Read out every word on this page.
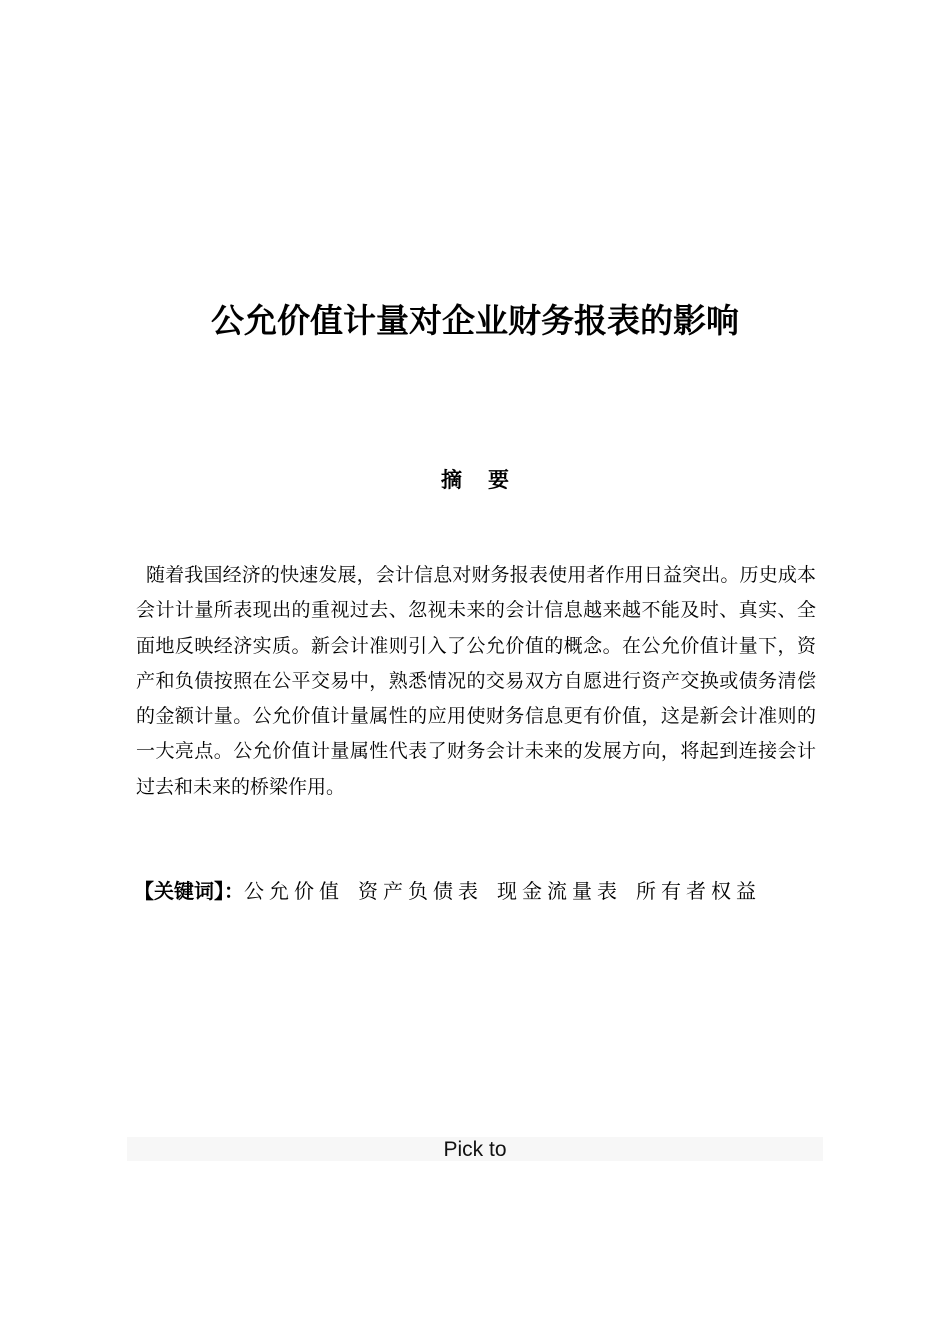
公允价值计量对企业财务报表的影响
摘要

随着我国经济的快速发展，会计信息对财务报表使用者作用日益突出。历史成本会计计量所表现出的重视过去、忽视未来的会计信息越来越不能及时、真实、全面地反映经济实质。新会计准则引入了公允价值的概念。在公允价值计量下，资产和负债按照在公平交易中，熟悉情况的交易双方自愿进行资产交换或债务清偿的金额计量。公允价值计量属性的应用使财务信息更有价值，这是新会计准则的一大亮点。公允价值计量属性代表了财务会计未来的发展方向，将起到连接会计过去和未来的桥梁作用。

【关键词】：公允价值 资产负债表 现金流量表 所有者权益
Pick to
